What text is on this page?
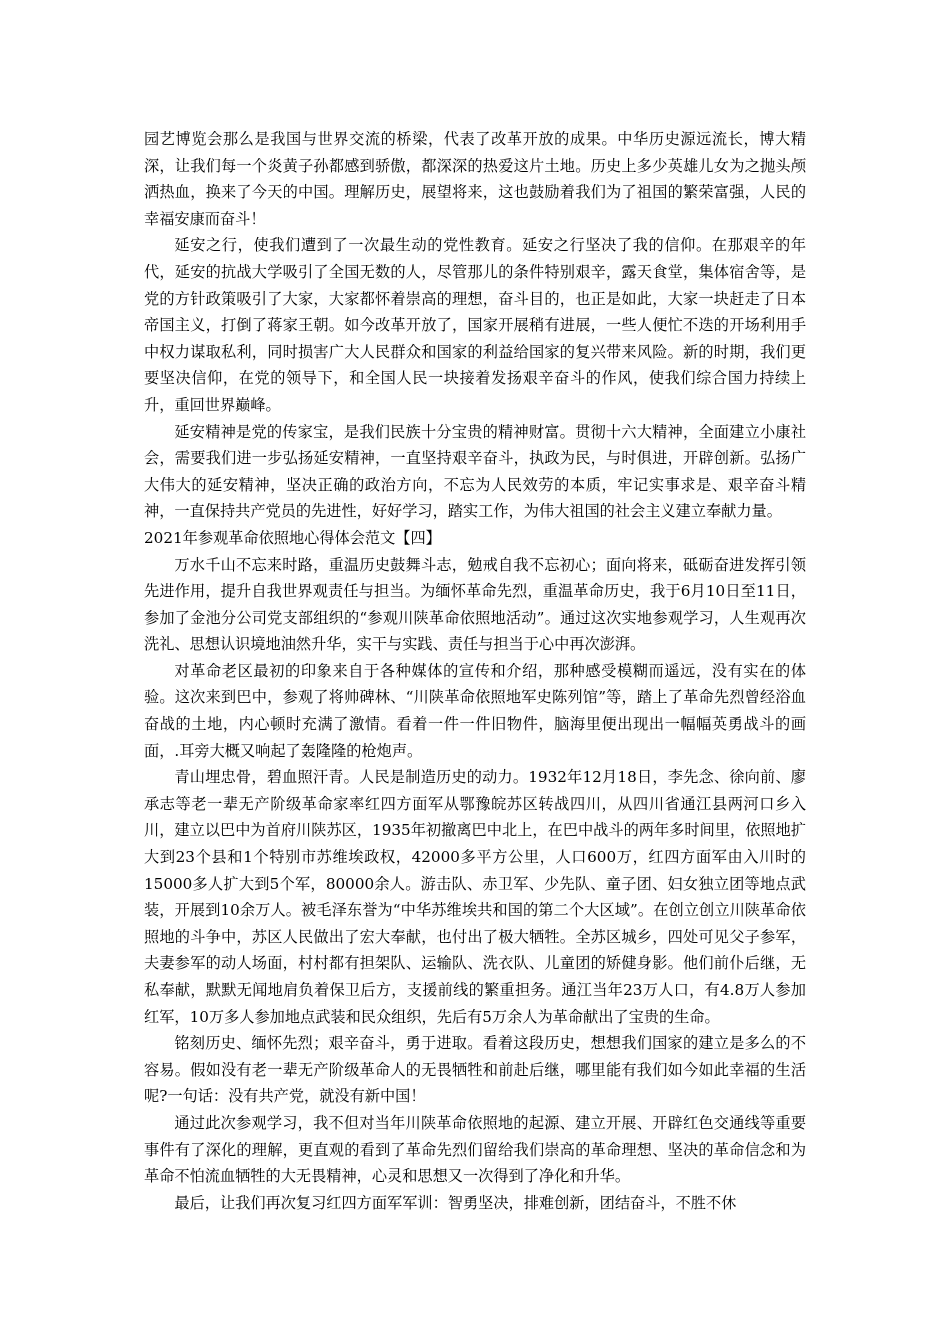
园艺博览会那么是我国与世界交流的桥梁，代表了改革开放的成果。中华历史源远流长，博大精深，让我们每一个炎黄子孙都感到骄傲，都深深的热爱这片土地。历史上多少英雄儿女为之抛头颅洒热血，换来了今天的中国。理解历史，展望将来，这也鼓励着我们为了祖国的繁荣富强，人民的幸福安康而奋斗！

延安之行，使我们遭到了一次最生动的党性教育。延安之行坚决了我的信仰。在那艰辛的年代，延安的抗战大学吸引了全国无数的人，尽管那儿的条件特别艰辛，露天食堂，集体宿舍等，是党的方针政策吸引了大家，大家都怀着崇高的理想，奋斗目的，也正是如此，大家一块赶走了日本帝国主义，打倒了蒋家王朝。如今改革开放了，国家开展稍有进展，一些人便忙不迭的开场利用手中权力谋取私利，同时损害广大人民群众和国家的利益给国家的复兴带来风险。新的时期，我们更要坚决信仰，在党的领导下，和全国人民一块接着发扬艰辛奋斗的作风，使我们综合国力持续上升，重回世界巅峰。

延安精神是党的传家宝，是我们民族十分宝贵的精神财富。贯彻十六大精神，全面建立小康社会，需要我们进一步弘扬延安精神，一直坚持艰辛奋斗，执政为民，与时俱进，开辟创新。弘扬广大伟大的延安精神，坚决正确的政治方向，不忘为人民效劳的本质，牢记实事求是、艰辛奋斗精神，一直保持共产党员的先进性，好好学习，踏实工作，为伟大祖国的社会主义建立奉献力量。

2021年参观革命依照地心得体会范文【四】

万水千山不忘来时路，重温历史鼓舞斗志，勉戒自我不忘初心；面向将来，砥砺奋进发挥引领先进作用，提升自我世界观责任与担当。为缅怀革命先烈，重温革命历史，我于6月10日至11日，参加了金池分公司党支部组织的“参观川陕革命依照地活动”。通过这次实地参观学习，人生观再次洗礼、思想认识境地油然升华，实干与实践、责任与担当于心中再次澎湃。

对革命老区最初的印象来自于各种媒体的宣传和介绍，那种感受模糊而遥远，没有实在的体验。这次来到巴中，参观了将帅碑林、“川陕革命依照地军史陈列馆”等，踏上了革命先烈曾经浴血奋战的土地，内心顿时充满了激情。看着一件一件旧物件，脑海里便出现出一幅幅英勇战斗的画面，.耳旁大概又响起了轰隆隆的枪炮声。

青山埋忠骨，碧血照汗青。人民是制造历史的动力。1932年12月18日，李先念、徐向前、廖承志等老一辈无产阶级革命家率红四方面军从鄂豫皖苏区转战四川，从四川省通江县两河口乡入川，建立以巴中为首府川陕苏区，1935年初撤离巴中北上，在巴中战斗的两年多时间里，依照地扩大到23个县和1个特别市苏维埃政权，42000多平方公里，人口600万，红四方面军由入川时的15000多人扩大到5个军，80000余人。游击队、赤卫军、少先队、童子团、妇女独立团等地点武装，开展到10余万人。被毛泽东誉为“中华苏维埃共和国的第二个大区域”。在创立创立川陕革命依照地的斗争中，苏区人民做出了宏大奉献，也付出了极大牺牲。全苏区城乡，四处可见父子参军，夫妻参军的动人场面，村村都有担架队、运输队、洗衣队、儿童团的矫健身影。他们前仆后继，无私奉献，默默无闻地肩负着保卫后方，支援前线的繁重担务。通江当年23万人口，有4.8万人参加红军，10万多人参加地点武装和民众组织，先后有5万余人为革命献出了宝贵的生命。

铭刻历史、缅怀先烈；艰辛奋斗，勇于进取。看着这段历史，想想我们国家的建立是多么的不容易。假如没有老一辈无产阶级革命人的无畏牺牲和前赴后继，哪里能有我们如今如此幸福的生活呢?一句话：没有共产党，就没有新中国！

通过此次参观学习，我不但对当年川陕革命依照地的起源、建立开展、开辟红色交通线等重要事件有了深化的理解，更直观的看到了革命先烈们留给我们崇高的革命理想、坚决的革命信念和为革命不怕流血牺牲的大无畏精神，心灵和思想又一次得到了净化和升华。

最后，让我们再次复习红四方面军军训：智勇坚决，排难创新，团结奋斗，不胜不休
